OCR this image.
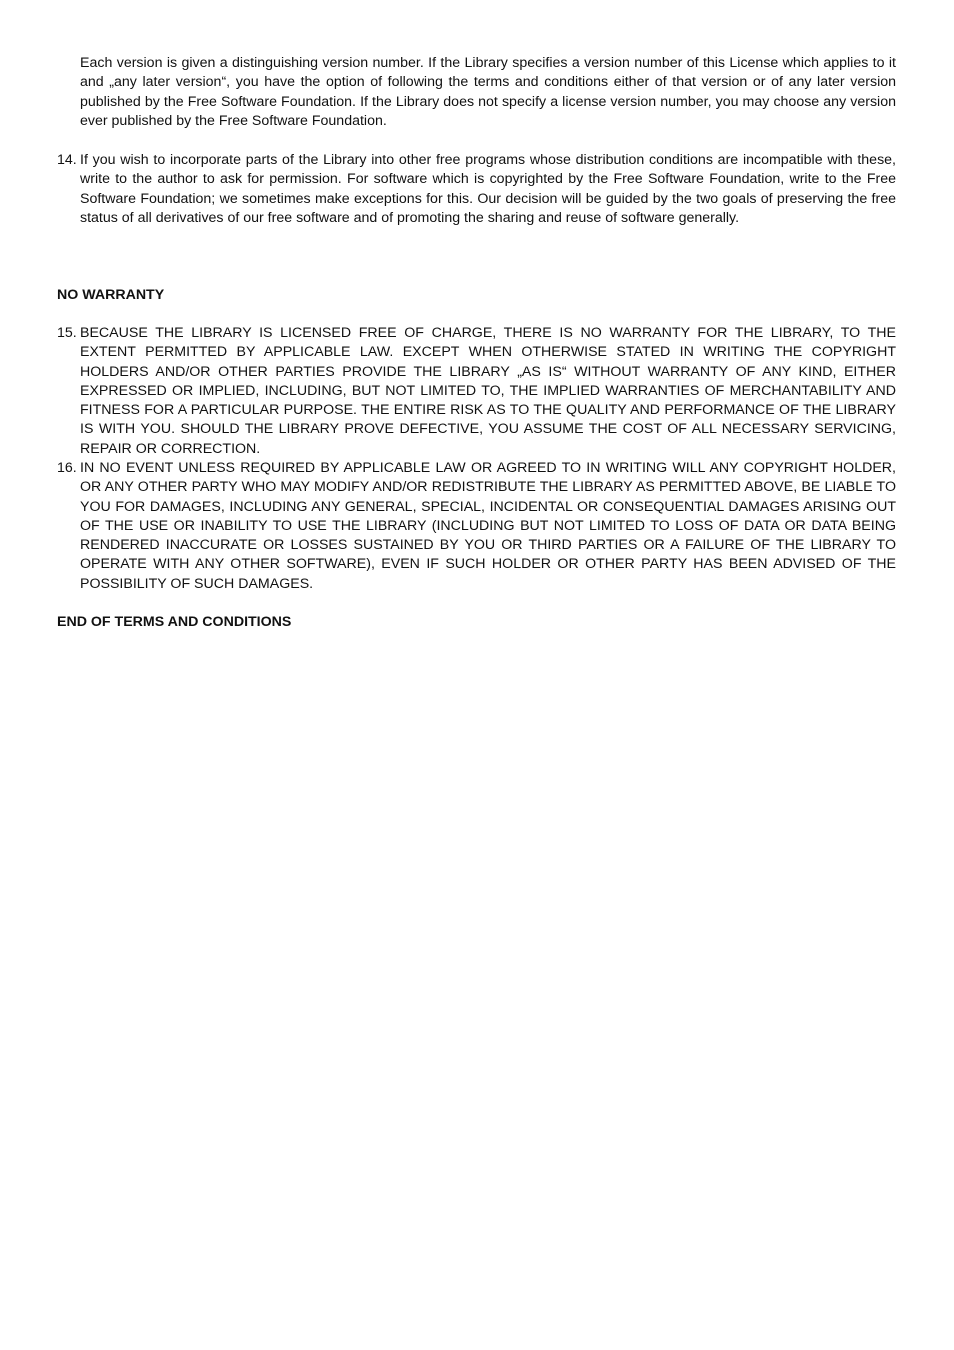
Each version is given a distinguishing version number. If the Library specifies a version number of this License which applies to it and „any later version“, you have the option of following the terms and conditions either of that version or of any later version published by the Free Software Foundation. If the Library does not specify a license version number, you may choose any version ever published by the Free Software Foundation.

14. If you wish to incorporate parts of the Library into other free programs whose distribution conditions are incompatible with these, write to the author to ask for permission. For software which is copyrighted by the Free Software Foundation, write to the Free Software Foundation; we sometimes make exceptions for this. Our decision will be guided by the two goals of preserving the free status of all derivatives of our free software and of promoting the sharing and reuse of software generally.

NO WARRANTY

15. BECAUSE THE LIBRARY IS LICENSED FREE OF CHARGE, THERE IS NO WARRANTY FOR THE LIBRARY, TO THE EXTENT PERMITTED BY APPLICABLE LAW. EXCEPT WHEN OTHERWISE STATED IN WRITING THE COPYRIGHT HOLDERS AND/OR OTHER PARTIES PROVIDE THE LIBRARY „AS IS“ WITHOUT WARRANTY OF ANY KIND, EITHER EXPRESSED OR IMPLIED, INCLUDING, BUT NOT LIMITED TO, THE IMPLIED WARRANTIES OF MERCHANTABILITY AND FITNESS FOR A PARTICULAR PURPOSE. THE ENTIRE RISK AS TO THE QUALITY AND PERFORMANCE OF THE LIBRARY IS WITH YOU. SHOULD THE LIBRARY PROVE DEFECTIVE, YOU ASSUME THE COST OF ALL NECESSARY SERVICING, REPAIR OR CORRECTION.
16. IN NO EVENT UNLESS REQUIRED BY APPLICABLE LAW OR AGREED TO IN WRITING WILL ANY COPYRIGHT HOLDER, OR ANY OTHER PARTY WHO MAY MODIFY AND/OR REDISTRIBUTE THE LIBRARY AS PERMITTED ABOVE, BE LIABLE TO YOU FOR DAMAGES, INCLUDING ANY GENERAL, SPECIAL, INCIDENTAL OR CONSEQUENTIAL DAMAGES ARISING OUT OF THE USE OR INABILITY TO USE THE LIBRARY (INCLUDING BUT NOT LIMITED TO LOSS OF DATA OR DATA BEING RENDERED INACCURATE OR LOSSES SUSTAINED BY YOU OR THIRD PARTIES OR A FAILURE OF THE LIBRARY TO OPERATE WITH ANY OTHER SOFTWARE), EVEN IF SUCH HOLDER OR OTHER PARTY HAS BEEN ADVISED OF THE POSSIBILITY OF SUCH DAMAGES.

END OF TERMS AND CONDITIONS
